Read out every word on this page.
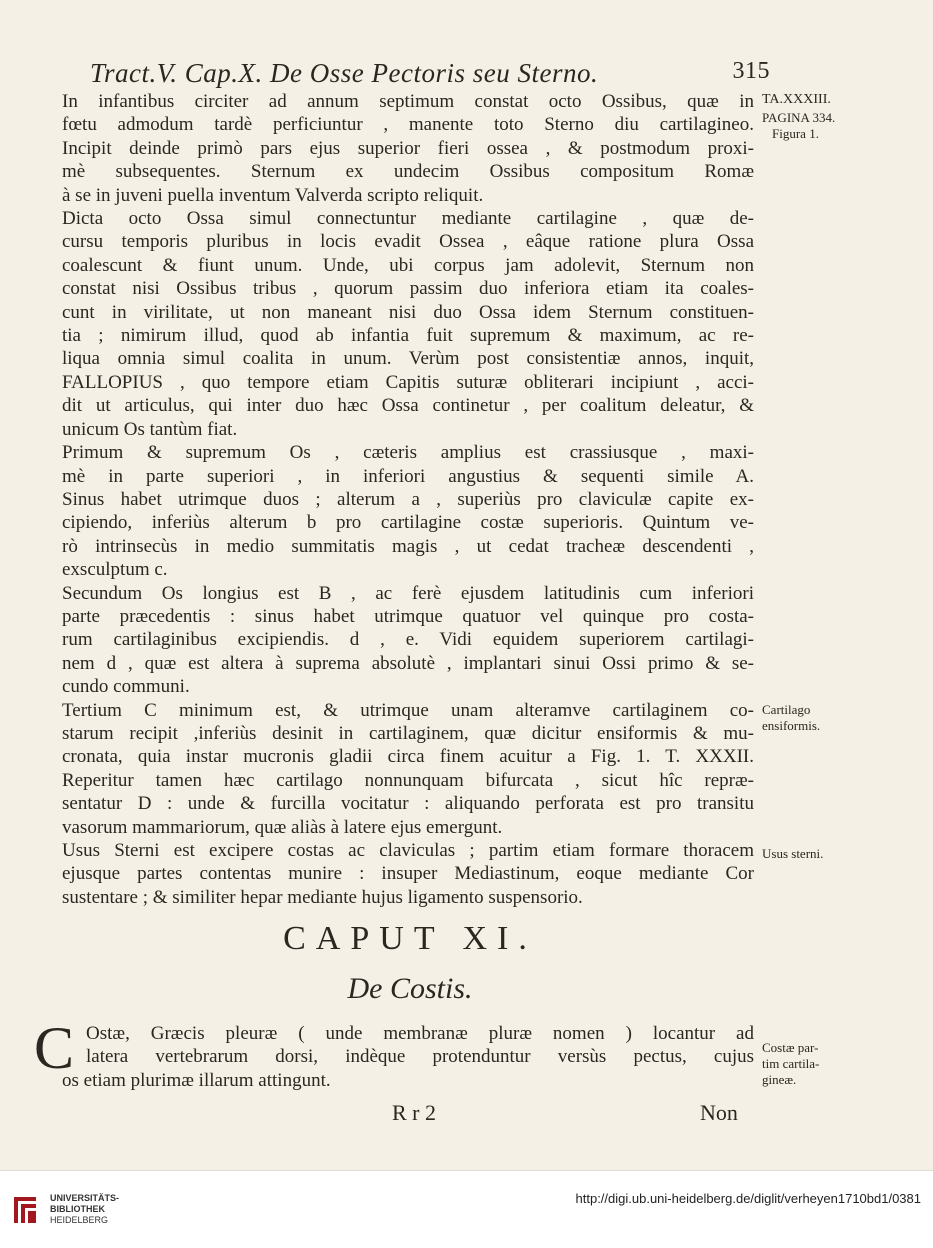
Tract.V. Cap.X. De Osse Pectoris seu Sterno.	315
In infantibus circiter ad annum septimum constat octo Ossibus, quæ in
fœtu admodum tardè perficiuntur , manente toto Sterno diu cartilagineo.
Incipit deinde primò pars ejus superior fieri ossea , & postmodum proxi-
mè subsequentes. Sternum ex undecim Ossibus compositum Romæ
à se in juveni puella inventum Valverda scripto reliquit.
Dicta octo Ossa simul connectuntur mediante cartilagine , quæ de-
cursu temporis pluribus in locis evadit Ossea , eâque ratione plura Ossa
coalescunt & fiunt unum. Unde, ubi corpus jam adolevit, Sternum non
constat nisi Ossibus tribus , quorum passim duo inferiora etiam ita coales-
cunt in virilitate, ut non maneant nisi duo Ossa idem Sternum constituen-
tia ; nimirum illud, quod ab infantia fuit supremum & maximum, ac re-
liqua omnia simul coalita in unum. Verùm post consistentiæ annos, inquit,
FALLOPIUS , quo tempore etiam Capitis suturæ obliterari incipiunt , acci-
dit ut articulus, qui inter duo hæc Ossa continetur , per coalitum deleatur, &
unicum Os tantùm fiat.
Primum & supremum Os , cæteris amplius est crassiusque , maxi-
mè in parte superiori , in inferiori angustius & sequenti simile A.
Sinus habet utrimque duos ; alterum a , superiùs pro claviculæ capite ex-
cipiendo, inferiùs alterum b pro cartilagine costæ superioris. Quintum ve-
rò intrinsecùs in medio summitatis magis , ut cedat tracheæ descendenti ,
exsculptum c.
Secundum Os longius est B , ac ferè ejusdem latitudinis cum inferiori
parte præcedentis : sinus habet utrimque quatuor vel quinque pro costa-
rum cartilaginibus excipiendis. d , e. Vidi equidem superiorem cartilagi-
nem d , quæ est altera à suprema absolutè , implantari sinui Ossi primo & se-
cundo communi.
Tertium C minimum est, & utrimque unam alteramve cartilaginem co-
starum recipit ,inferiùs desinit in cartilaginem, quæ dicitur ensiformis & mu-
cronata, quia instar mucronis gladii circa finem acuitur a Fig. 1. T. XXXII.
Reperitur tamen hæc cartilago nonnunquam bifurcata , sicut hîc repræ-
sentatur D : unde & furcilla vocitatur : aliquando perforata est pro transitu
vasorum mammariorum, quæ aliàs à latere ejus emergunt.
Usus Sterni est excipere costas ac claviculas ; partim etiam formare thoracem
ejusque partes contentas munire : insuper Mediastinum, eoque mediante Cor
sustentare ; & similiter hepar mediante hujus ligamento suspensorio.
CAPUT XI.
De Costis.
C Ostæ, Græcis pleuræ ( unde membranæ pluræ nomen ) locantur ad
latera vertebrarum dorsi, indèque protenduntur versùs pectus, cujus
os etiam plurimæ illarum attingunt.
R r 2	Non
TA.XXXIII.
PAGINA 334.
Figura 1.
Cartilago
ensiformis.
Usus sterni.
Costæ par-
tim cartila-
gineæ.
UNIVERSITÄTS-
BIBLIOTHEK
HEIDELBERG
http://digi.ub.uni-heidelberg.de/diglit/verheyen1710bd1/0381
